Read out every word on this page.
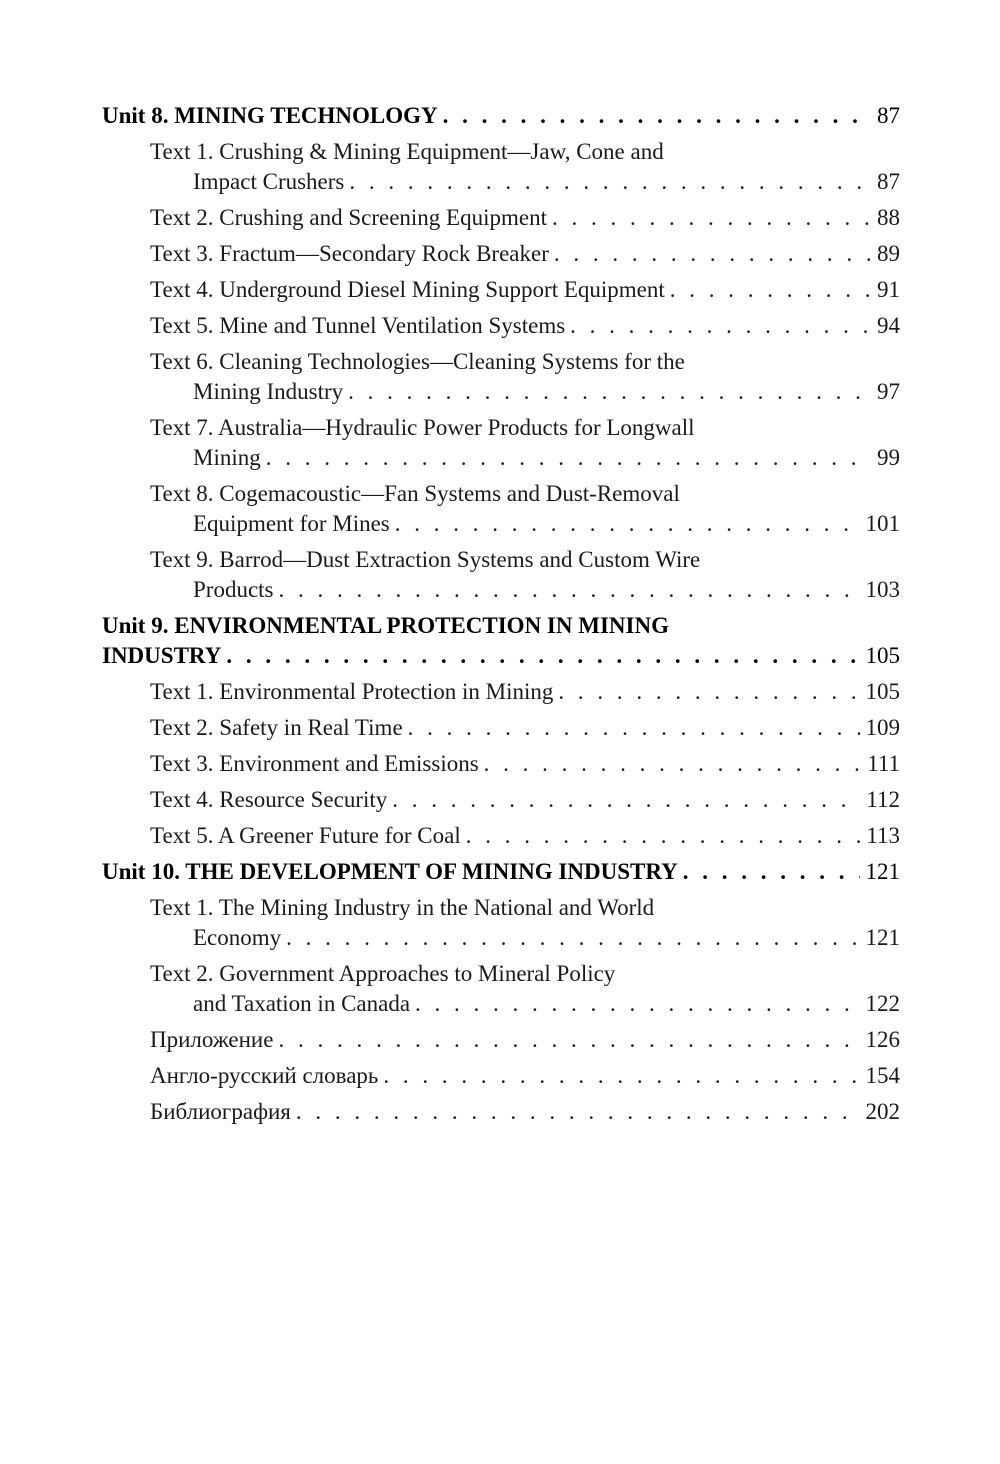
Unit 8. MINING TECHNOLOGY . . .	87
Text 1. Crushing & Mining Equipment—Jaw, Cone and
Impact Crushers . . .	87
Text 2. Crushing and Screening Equipment . . .	88
Text 3. Fractum—Secondary Rock Breaker . . .	89
Text 4. Underground Diesel Mining Support Equipment . . .	91
Text 5. Mine and Tunnel Ventilation Systems . . .	94
Text 6. Cleaning Technologies—Cleaning Systems for the
Mining Industry . . .	97
Text 7. Australia—Hydraulic Power Products for Longwall
Mining . . .	99
Text 8. Cogemacoustic—Fan Systems and Dust-Removal
Equipment for Mines . . .	101
Text 9. Barrod—Dust Extraction Systems and Custom Wire
Products . . .	103
Unit 9. ENVIRONMENTAL PROTECTION IN MINING
INDUSTRY . . .	105
Text 1. Environmental Protection in Mining . . .	105
Text 2. Safety in Real Time . . .	109
Text 3. Environment and Emissions . . .	111
Text 4. Resource Security . . .	112
Text 5. A Greener Future for Coal . . .	113
Unit 10. THE DEVELOPMENT OF MINING INDUSTRY . . .	121
Text 1. The Mining Industry in the National and World
Economy . . .	121
Text 2. Government Approaches to Mineral Policy
and Taxation in Canada . . .	122
Приложение . . .	126
Англо-русский словарь . . .	154
Библиография . . .	202
